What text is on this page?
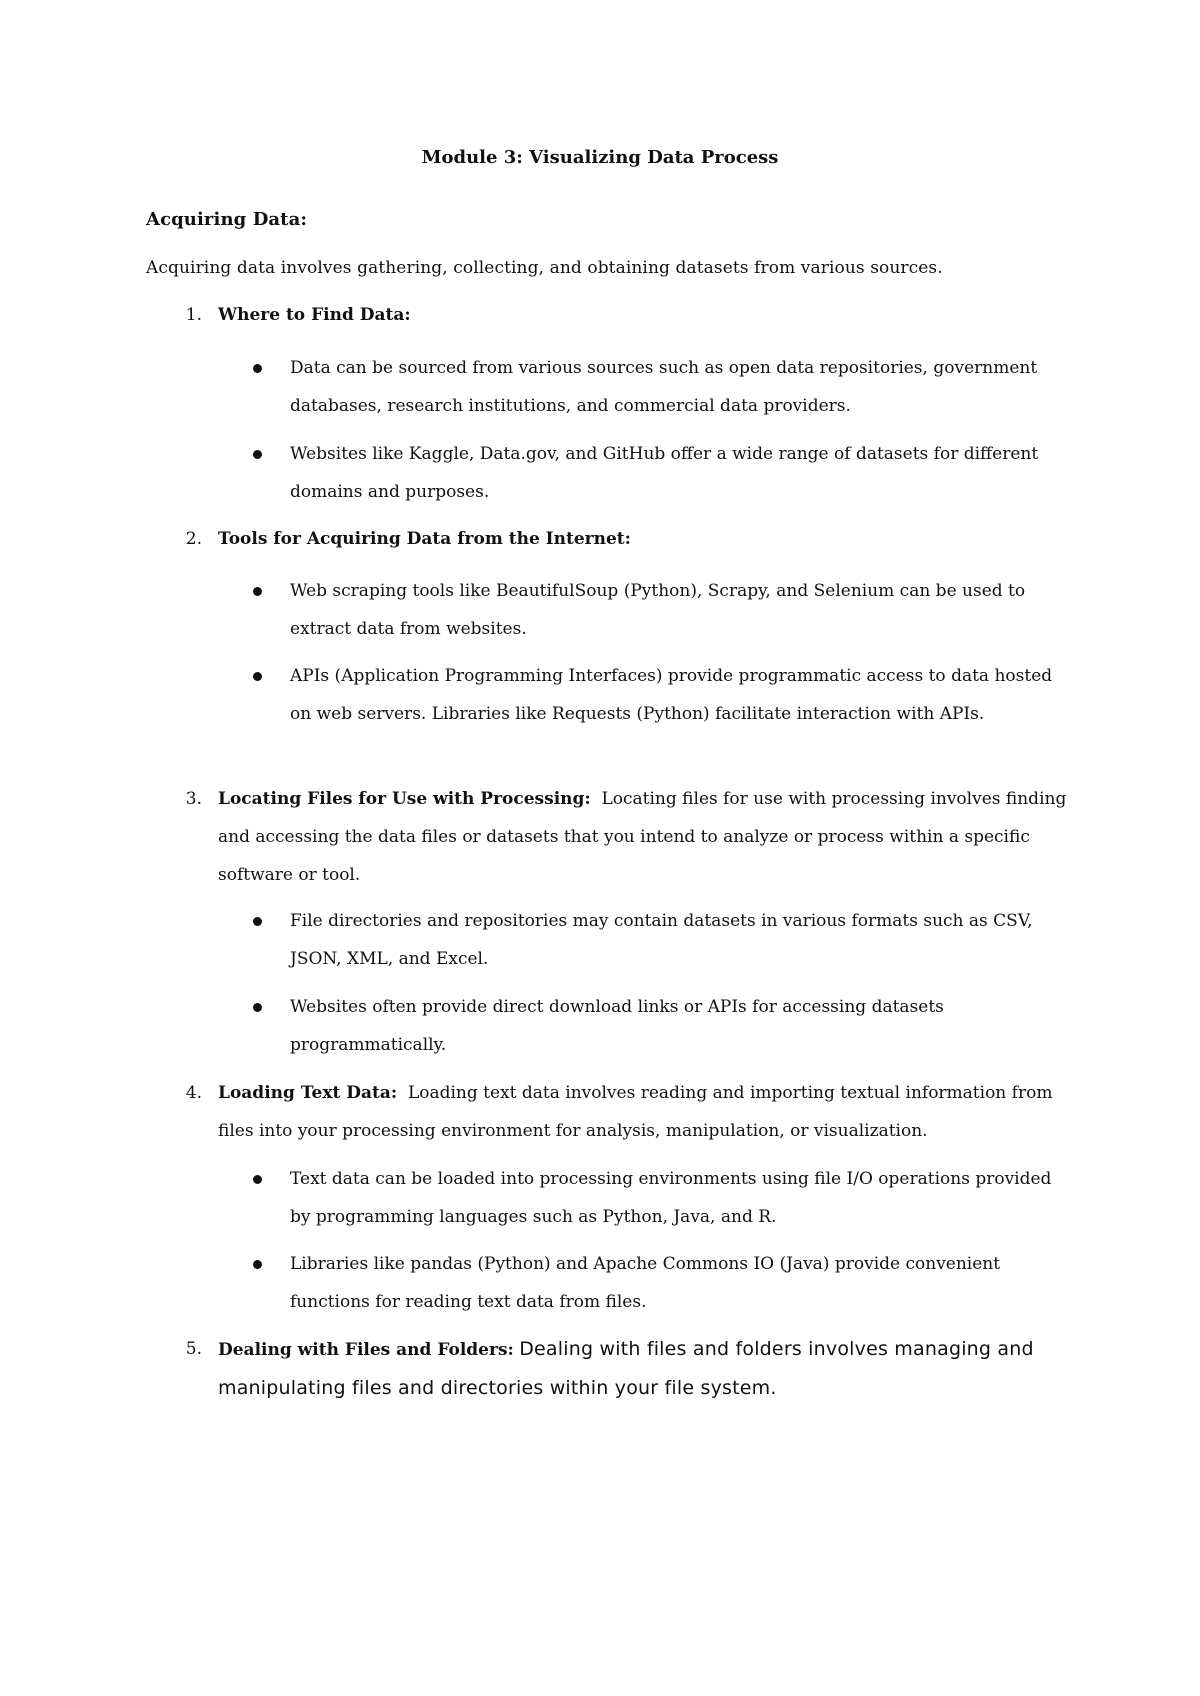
Module 3: Visualizing Data Process
Acquiring Data:
Acquiring data involves gathering, collecting, and obtaining datasets from various sources.
1. Where to Find Data:
Data can be sourced from various sources such as open data repositories, government databases, research institutions, and commercial data providers.
Websites like Kaggle, Data.gov, and GitHub offer a wide range of datasets for different domains and purposes.
2. Tools for Acquiring Data from the Internet:
Web scraping tools like BeautifulSoup (Python), Scrapy, and Selenium can be used to extract data from websites.
APIs (Application Programming Interfaces) provide programmatic access to data hosted on web servers. Libraries like Requests (Python) facilitate interaction with APIs.
3. Locating Files for Use with Processing: Locating files for use with processing involves finding and accessing the data files or datasets that you intend to analyze or process within a specific software or tool.
File directories and repositories may contain datasets in various formats such as CSV, JSON, XML, and Excel.
Websites often provide direct download links or APIs for accessing datasets programmatically.
4. Loading Text Data: Loading text data involves reading and importing textual information from files into your processing environment for analysis, manipulation, or visualization.
Text data can be loaded into processing environments using file I/O operations provided by programming languages such as Python, Java, and R.
Libraries like pandas (Python) and Apache Commons IO (Java) provide convenient functions for reading text data from files.
5. Dealing with Files and Folders: Dealing with files and folders involves managing and manipulating files and directories within your file system.
